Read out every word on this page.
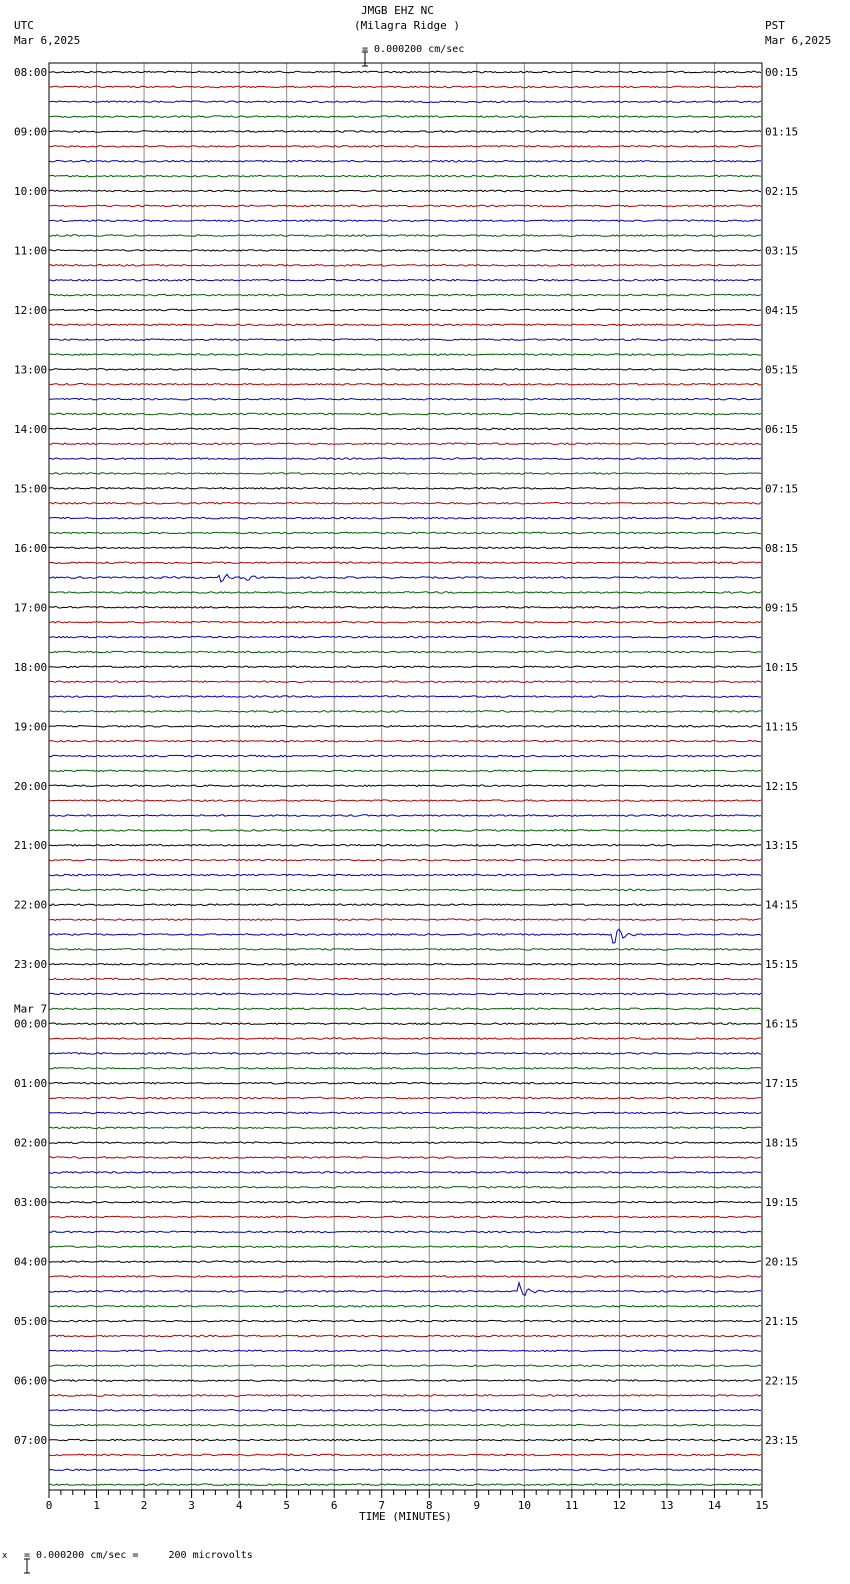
JMGB EHZ NC
(Milagra Ridge )
UTC
Mar 6,2025
PST
Mar 6,2025

= 0.000200 cm/sec
08:00	00:15
09:00	01:15
10:00	02:15
11:00	03:15
12:00	04:15
13:00	05:15
14:00	06:15
15:00	07:15
16:00	08:15
17:00	09:15
18:00	10:15
19:00	11:15
20:00	12:15
21:00	13:15
22:00	14:15
23:00	15:15
00:00	16:15
01:00	17:15
02:00	18:15
03:00	19:15
04:00	20:15
05:00	21:15
06:00	22:15
07:00	23:15
Mar 7
0	1	2	3	4	5	6	7	8	9	10	11	12	13	14	15
TIME (MINUTES)
x

= 0.000200 cm/sec =     200 microvolts
